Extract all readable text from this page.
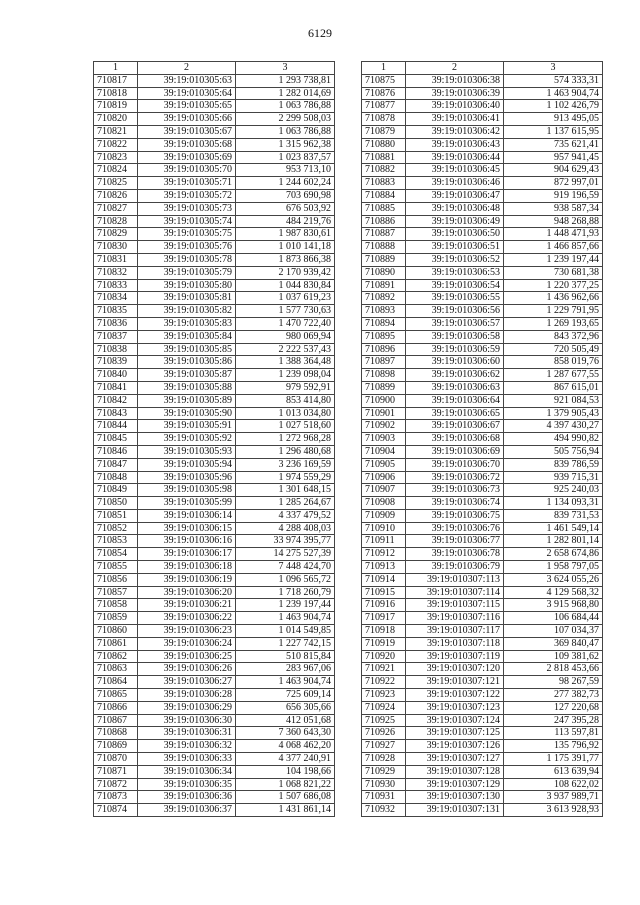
6129
1	2	3
710817	39:19:010305:63	1 293 738,81
710818	39:19:010305:64	1 282 014,69
710819	39:19:010305:65	1 063 786,88
710820	39:19:010305:66	2 299 508,03
710821	39:19:010305:67	1 063 786,88
710822	39:19:010305:68	1 315 962,38
710823	39:19:010305:69	1 023 837,57
710824	39:19:010305:70	953 713,10
710825	39:19:010305:71	1 244 602,24
710826	39:19:010305:72	703 690,98
710827	39:19:010305:73	676 503,92
710828	39:19:010305:74	484 219,76
710829	39:19:010305:75	1 987 830,61
710830	39:19:010305:76	1 010 141,18
710831	39:19:010305:78	1 873 866,38
710832	39:19:010305:79	2 170 939,42
710833	39:19:010305:80	1 044 830,84
710834	39:19:010305:81	1 037 619,23
710835	39:19:010305:82	1 577 730,63
710836	39:19:010305:83	1 470 722,40
710837	39:19:010305:84	980 069,94
710838	39:19:010305:85	2 222 537,43
710839	39:19:010305:86	1 388 364,48
710840	39:19:010305:87	1 239 098,04
710841	39:19:010305:88	979 592,91
710842	39:19:010305:89	853 414,80
710843	39:19:010305:90	1 013 034,80
710844	39:19:010305:91	1 027 518,60
710845	39:19:010305:92	1 272 968,28
710846	39:19:010305:93	1 296 480,68
710847	39:19:010305:94	3 236 169,59
710848	39:19:010305:96	1 974 559,29
710849	39:19:010305:98	1 301 648,15
710850	39:19:010305:99	1 285 264,67
710851	39:19:010306:14	4 337 479,52
710852	39:19:010306:15	4 288 408,03
710853	39:19:010306:16	33 974 395,77
710854	39:19:010306:17	14 275 527,39
710855	39:19:010306:18	7 448 424,70
710856	39:19:010306:19	1 096 565,72
710857	39:19:010306:20	1 718 260,79
710858	39:19:010306:21	1 239 197,44
710859	39:19:010306:22	1 463 904,74
710860	39:19:010306:23	1 014 549,85
710861	39:19:010306:24	1 227 742,15
710862	39:19:010306:25	510 815,84
710863	39:19:010306:26	283 967,06
710864	39:19:010306:27	1 463 904,74
710865	39:19:010306:28	725 609,14
710866	39:19:010306:29	656 305,66
710867	39:19:010306:30	412 051,68
710868	39:19:010306:31	7 360 643,30
710869	39:19:010306:32	4 068 462,20
710870	39:19:010306:33	4 377 240,91
710871	39:19:010306:34	104 198,66
710872	39:19:010306:35	1 068 821,22
710873	39:19:010306:36	1 507 686,08
710874	39:19:010306:37	1 431 861,14
1	2	3
710875	39:19:010306:38	574 333,31
710876	39:19:010306:39	1 463 904,74
710877	39:19:010306:40	1 102 426,79
710878	39:19:010306:41	913 495,05
710879	39:19:010306:42	1 137 615,95
710880	39:19:010306:43	735 621,41
710881	39:19:010306:44	957 941,45
710882	39:19:010306:45	904 629,43
710883	39:19:010306:46	872 997,01
710884	39:19:010306:47	919 196,59
710885	39:19:010306:48	938 587,34
710886	39:19:010306:49	948 268,88
710887	39:19:010306:50	1 448 471,93
710888	39:19:010306:51	1 466 857,66
710889	39:19:010306:52	1 239 197,44
710890	39:19:010306:53	730 681,38
710891	39:19:010306:54	1 220 377,25
710892	39:19:010306:55	1 436 962,66
710893	39:19:010306:56	1 229 791,95
710894	39:19:010306:57	1 269 193,65
710895	39:19:010306:58	843 372,96
710896	39:19:010306:59	720 505,49
710897	39:19:010306:60	858 019,76
710898	39:19:010306:62	1 287 677,55
710899	39:19:010306:63	867 615,01
710900	39:19:010306:64	921 084,53
710901	39:19:010306:65	1 379 905,43
710902	39:19:010306:67	4 397 430,27
710903	39:19:010306:68	494 990,82
710904	39:19:010306:69	505 756,94
710905	39:19:010306:70	839 786,59
710906	39:19:010306:72	939 715,31
710907	39:19:010306:73	925 240,03
710908	39:19:010306:74	1 134 093,31
710909	39:19:010306:75	839 731,53
710910	39:19:010306:76	1 461 549,14
710911	39:19:010306:77	1 282 801,14
710912	39:19:010306:78	2 658 674,86
710913	39:19:010306:79	1 958 797,05
710914	39:19:010307:113	3 624 055,26
710915	39:19:010307:114	4 129 568,32
710916	39:19:010307:115	3 915 968,80
710917	39:19:010307:116	106 684,44
710918	39:19:010307:117	107 034,37
710919	39:19:010307:118	369 840,47
710920	39:19:010307:119	109 381,62
710921	39:19:010307:120	2 818 453,66
710922	39:19:010307:121	98 267,59
710923	39:19:010307:122	277 382,73
710924	39:19:010307:123	127 220,68
710925	39:19:010307:124	247 395,28
710926	39:19:010307:125	113 597,81
710927	39:19:010307:126	135 796,92
710928	39:19:010307:127	1 175 391,77
710929	39:19:010307:128	613 639,94
710930	39:19:010307:129	108 622,02
710931	39:19:010307:130	3 937 989,71
710932	39:19:010307:131	3 613 928,93
